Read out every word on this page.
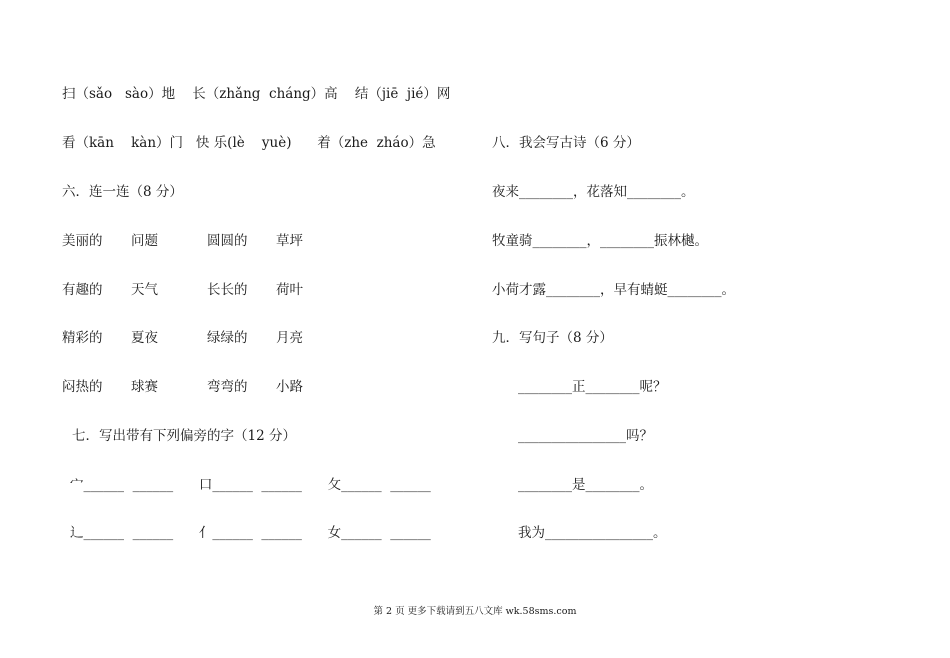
扫（sǎo   sào）地    长（zhǎng  cháng）高    结（jiē  jié）网
看（kān    kàn）门   快 乐(lè    yuè)      着（zhe  zháo）急
六．连一连（8 分）
美丽的 问题	圆圆的 草坪
有趣的 天气	长长的 荷叶
精彩的 夏夜	绿绿的 月亮
闷热的 球赛	弯弯的 小路
七．写出带有下列偏旁的字（12 分）
宀______  ______      口______  ______      攵______  ______
辶______  ______      亻______  ______      女______  ______
八．我会写古诗（6 分）
夜来________，花落知________。
牧童骑________，________振林樾。
小荷才露________，早有蜻蜓________。
九．写句子（8 分）
________正________呢？
________________吗？
________是________。
我为________________。
第 2 页 更多下载请到五八文库 wk.58sms.com
